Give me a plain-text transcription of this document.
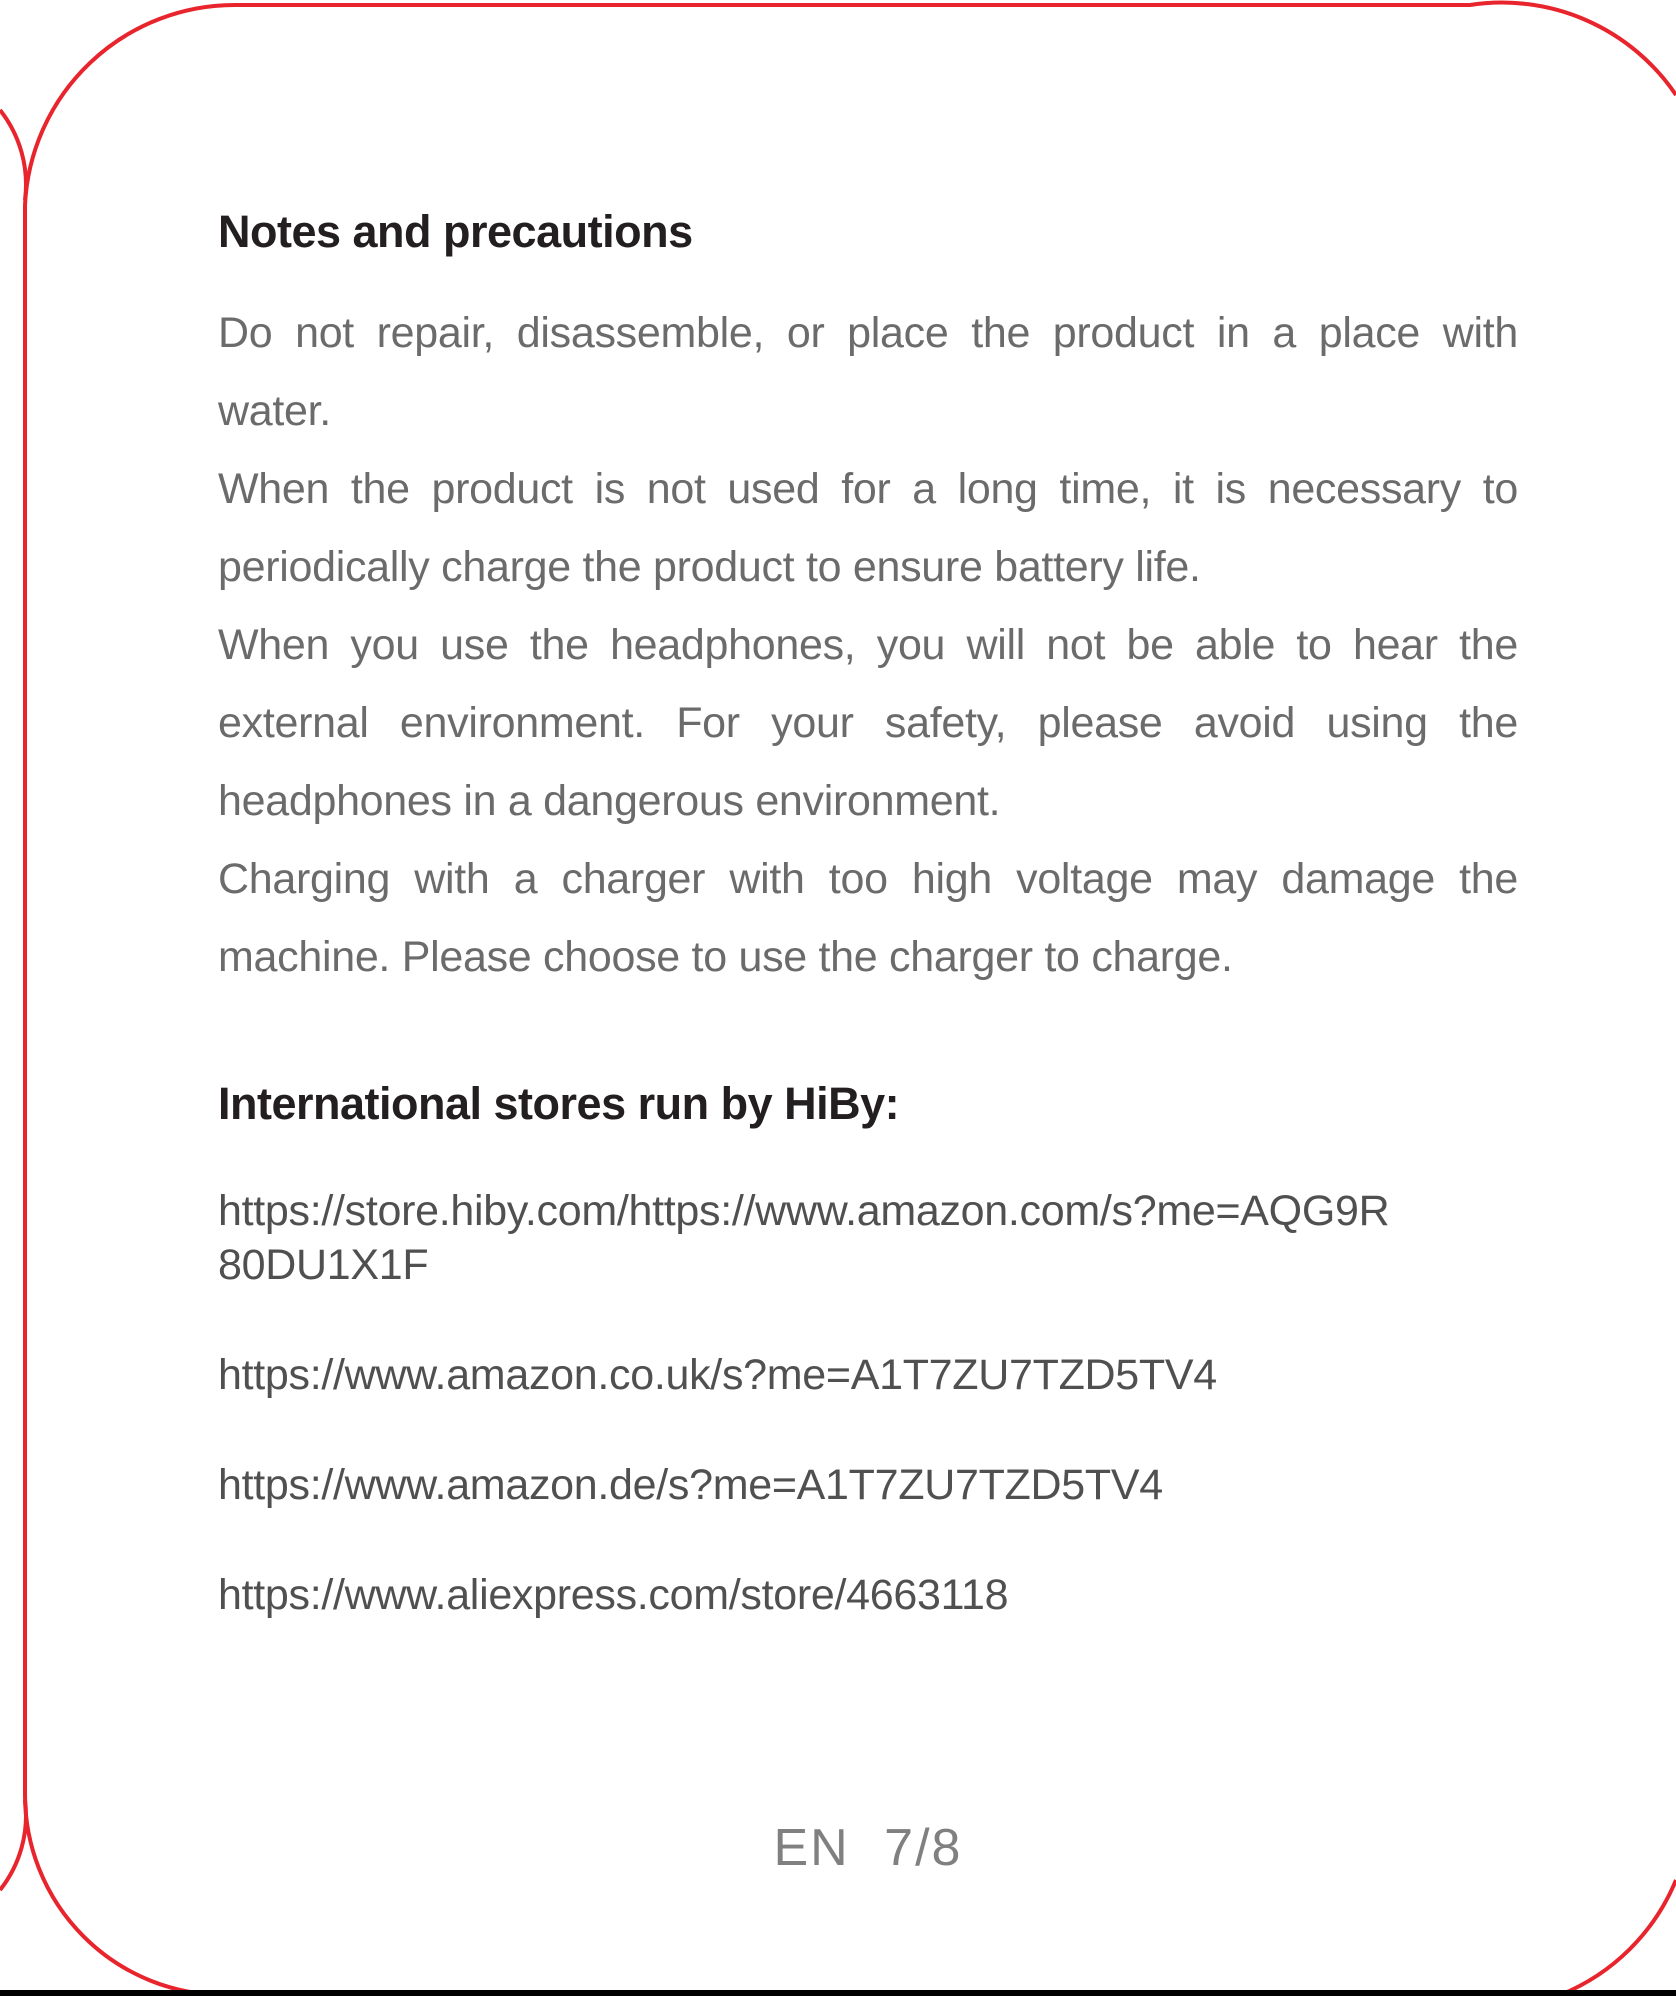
Notes and precautions

Do not repair, disassemble, or place the product in a place with water.

When the product is not used for a long time, it is necessary to periodically charge the product to ensure battery life.

When you use the headphones, you will not be able to hear the external environment. For your safety, please avoid using the headphones in a dangerous environment.

Charging with a charger with too high voltage may damage the machine. Please choose to use the charger to charge.

International stores run by HiBy:
https://store.hiby.com/https://www.amazon.com/s?me=AQG9R80DU1X1F
https://www.amazon.co.uk/s?me=A1T7ZU7TZD5TV4
https://www.amazon.de/s?me=A1T7ZU7TZD5TV4
https://www.aliexpress.com/store/4663118
EN 7/8
